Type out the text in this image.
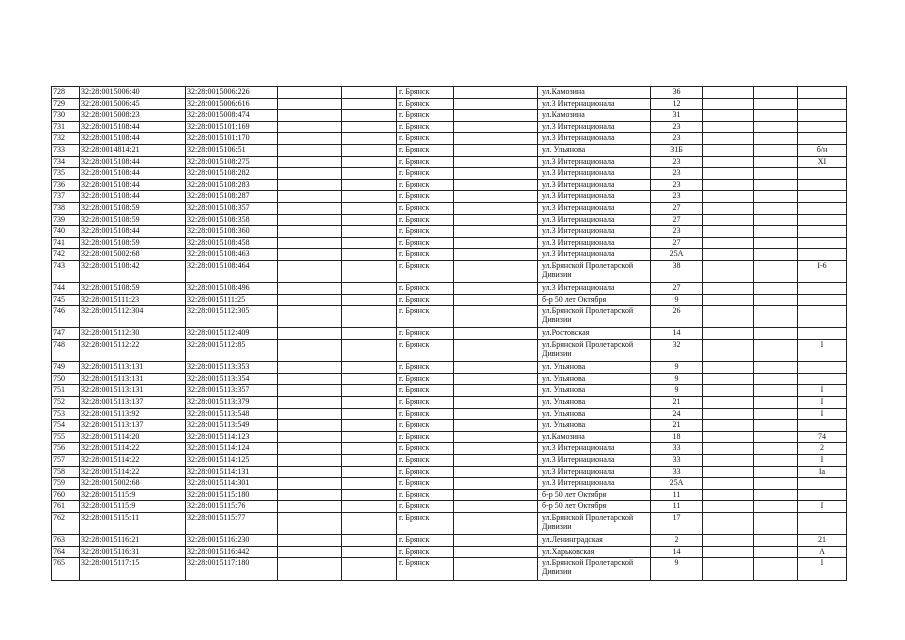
728	32:28:0015006:40	32:28:0015006:226			г. Брянск		ул.Камозина	36			
729	32:28:0015006:45	32:28:0015006:616			г. Брянск		ул.3 Интернационала	12			
730	32:28:0015008:23	32:28:0015008:474			г. Брянск		ул.Камозина	31			
731	32:28:0015108:44	32:28:0015101:169			г. Брянск		ул.3 Интернационала	23			
732	32:28:0015108:44	32:28:0015101:170			г. Брянск		ул.3 Интернационала	23			
733	32:28:0014814:21	32:28:0015106:51			г. Брянск		ул. Ульянова	31Б			б/н
734	32:28:0015108:44	32:28:0015108:275			г. Брянск		ул.3 Интернационала	23			XI
735	32:28:0015108:44	32:28:0015108:282			г. Брянск		ул.3 Интернационала	23			
736	32:28:0015108:44	32:28:0015108:283			г. Брянск		ул.3 Интернационала	23			
737	32:28:0015108:44	32:28:0015108:287			г. Брянск		ул.3 Интернационала	23			
738	32:28:0015108:59	32:28:0015108:357			г. Брянск		ул.3 Интернационала	27			
739	32:28:0015108:59	32:28:0015108:358			г. Брянск		ул.3 Интернационала	27			
740	32:28:0015108:44	32:28:0015108:360			г. Брянск		ул.3 Интернационала	23			
741	32:28:0015108:59	32:28:0015108:458			г. Брянск		ул.3 Интернационала	27			
742	32:28:0015002:68	32:28:0015108:463			г. Брянск		ул.3 Интернационала	25А			
743	32:28:0015108:42	32:28:0015108:464			г. Брянск		ул.Брянской Пролетарской Дивизии	38			I-6
744	32:28:0015108:59	32:28:0015108:496			г. Брянск		ул.3 Интернационала	27			
745	32:28:0015111:23	32:28:0015111:25			г. Брянск		б-р 50 лет Октября	9			
746	32:28:0015112:304	32:28:0015112:305			г. Брянск		ул.Брянской Пролетарской Дивизии	26			
747	32:28:0015112:30	32:28:0015112:409			г. Брянск		ул.Ростовская	14			
748	32:28:0015112:22	32:28:0015112:85			г. Брянск		ул.Брянской Пролетарской Дивизии	32			I
749	32:28:0015113:131	32:28:0015113:353			г. Брянск		ул. Ульянова	9			
750	32:28:0015113:131	32:28:0015113:354			г. Брянск		ул. Ульянова	9			
751	32:28:0015113:131	32:28:0015113:357			г. Брянск		ул. Ульянова	9			I
752	32:28:0015113:137	32:28:0015113:379			г. Брянск		ул. Ульянова	21			I
753	32:28:0015113:92	32:28:0015113:548			г. Брянск		ул. Ульянова	24			I
754	32:28:0015113:137	32:28:0015113:549			г. Брянск		ул. Ульянова	21			
755	32:28:0015114:20	32:28:0015114:123			г. Брянск		ул.Камозина	18			74
756	32:28:0015114:22	32:28:0015114:124			г. Брянск		ул.3 Интернационала	33			2
757	32:28:0015114:22	32:28:0015114:125			г. Брянск		ул.3 Интернационала	33			I
758	32:28:0015114:22	32:28:0015114:131			г. Брянск		ул.3 Интернационала	33			Iа
759	32:28:0015002:68	32:28:0015114:301			г. Брянск		ул.3 Интернационала	25А			
760	32:28:0015115:9	32:28:0015115:180			г. Брянск		б-р 50 лет Октября	11			
761	32:28:0015115:9	32:28:0015115:76			г. Брянск		б-р 50 лет Октября	11			I
762	32:28:0015115:11	32:28:0015115:77			г. Брянск		ул.Брянской Пролетарской Дивизии	17			
763	32:28:0015116:21	32:28:0015116:230			г. Брянск		ул.Ленинградская	2			21
764	32:28:0015116:31	32:28:0015116:442			г. Брянск		ул.Харьковская	14			А
765	32:28:0015117:15	32:28:0015117:180			г. Брянск		ул.Брянской Пролетарской Дивизии	9			I
